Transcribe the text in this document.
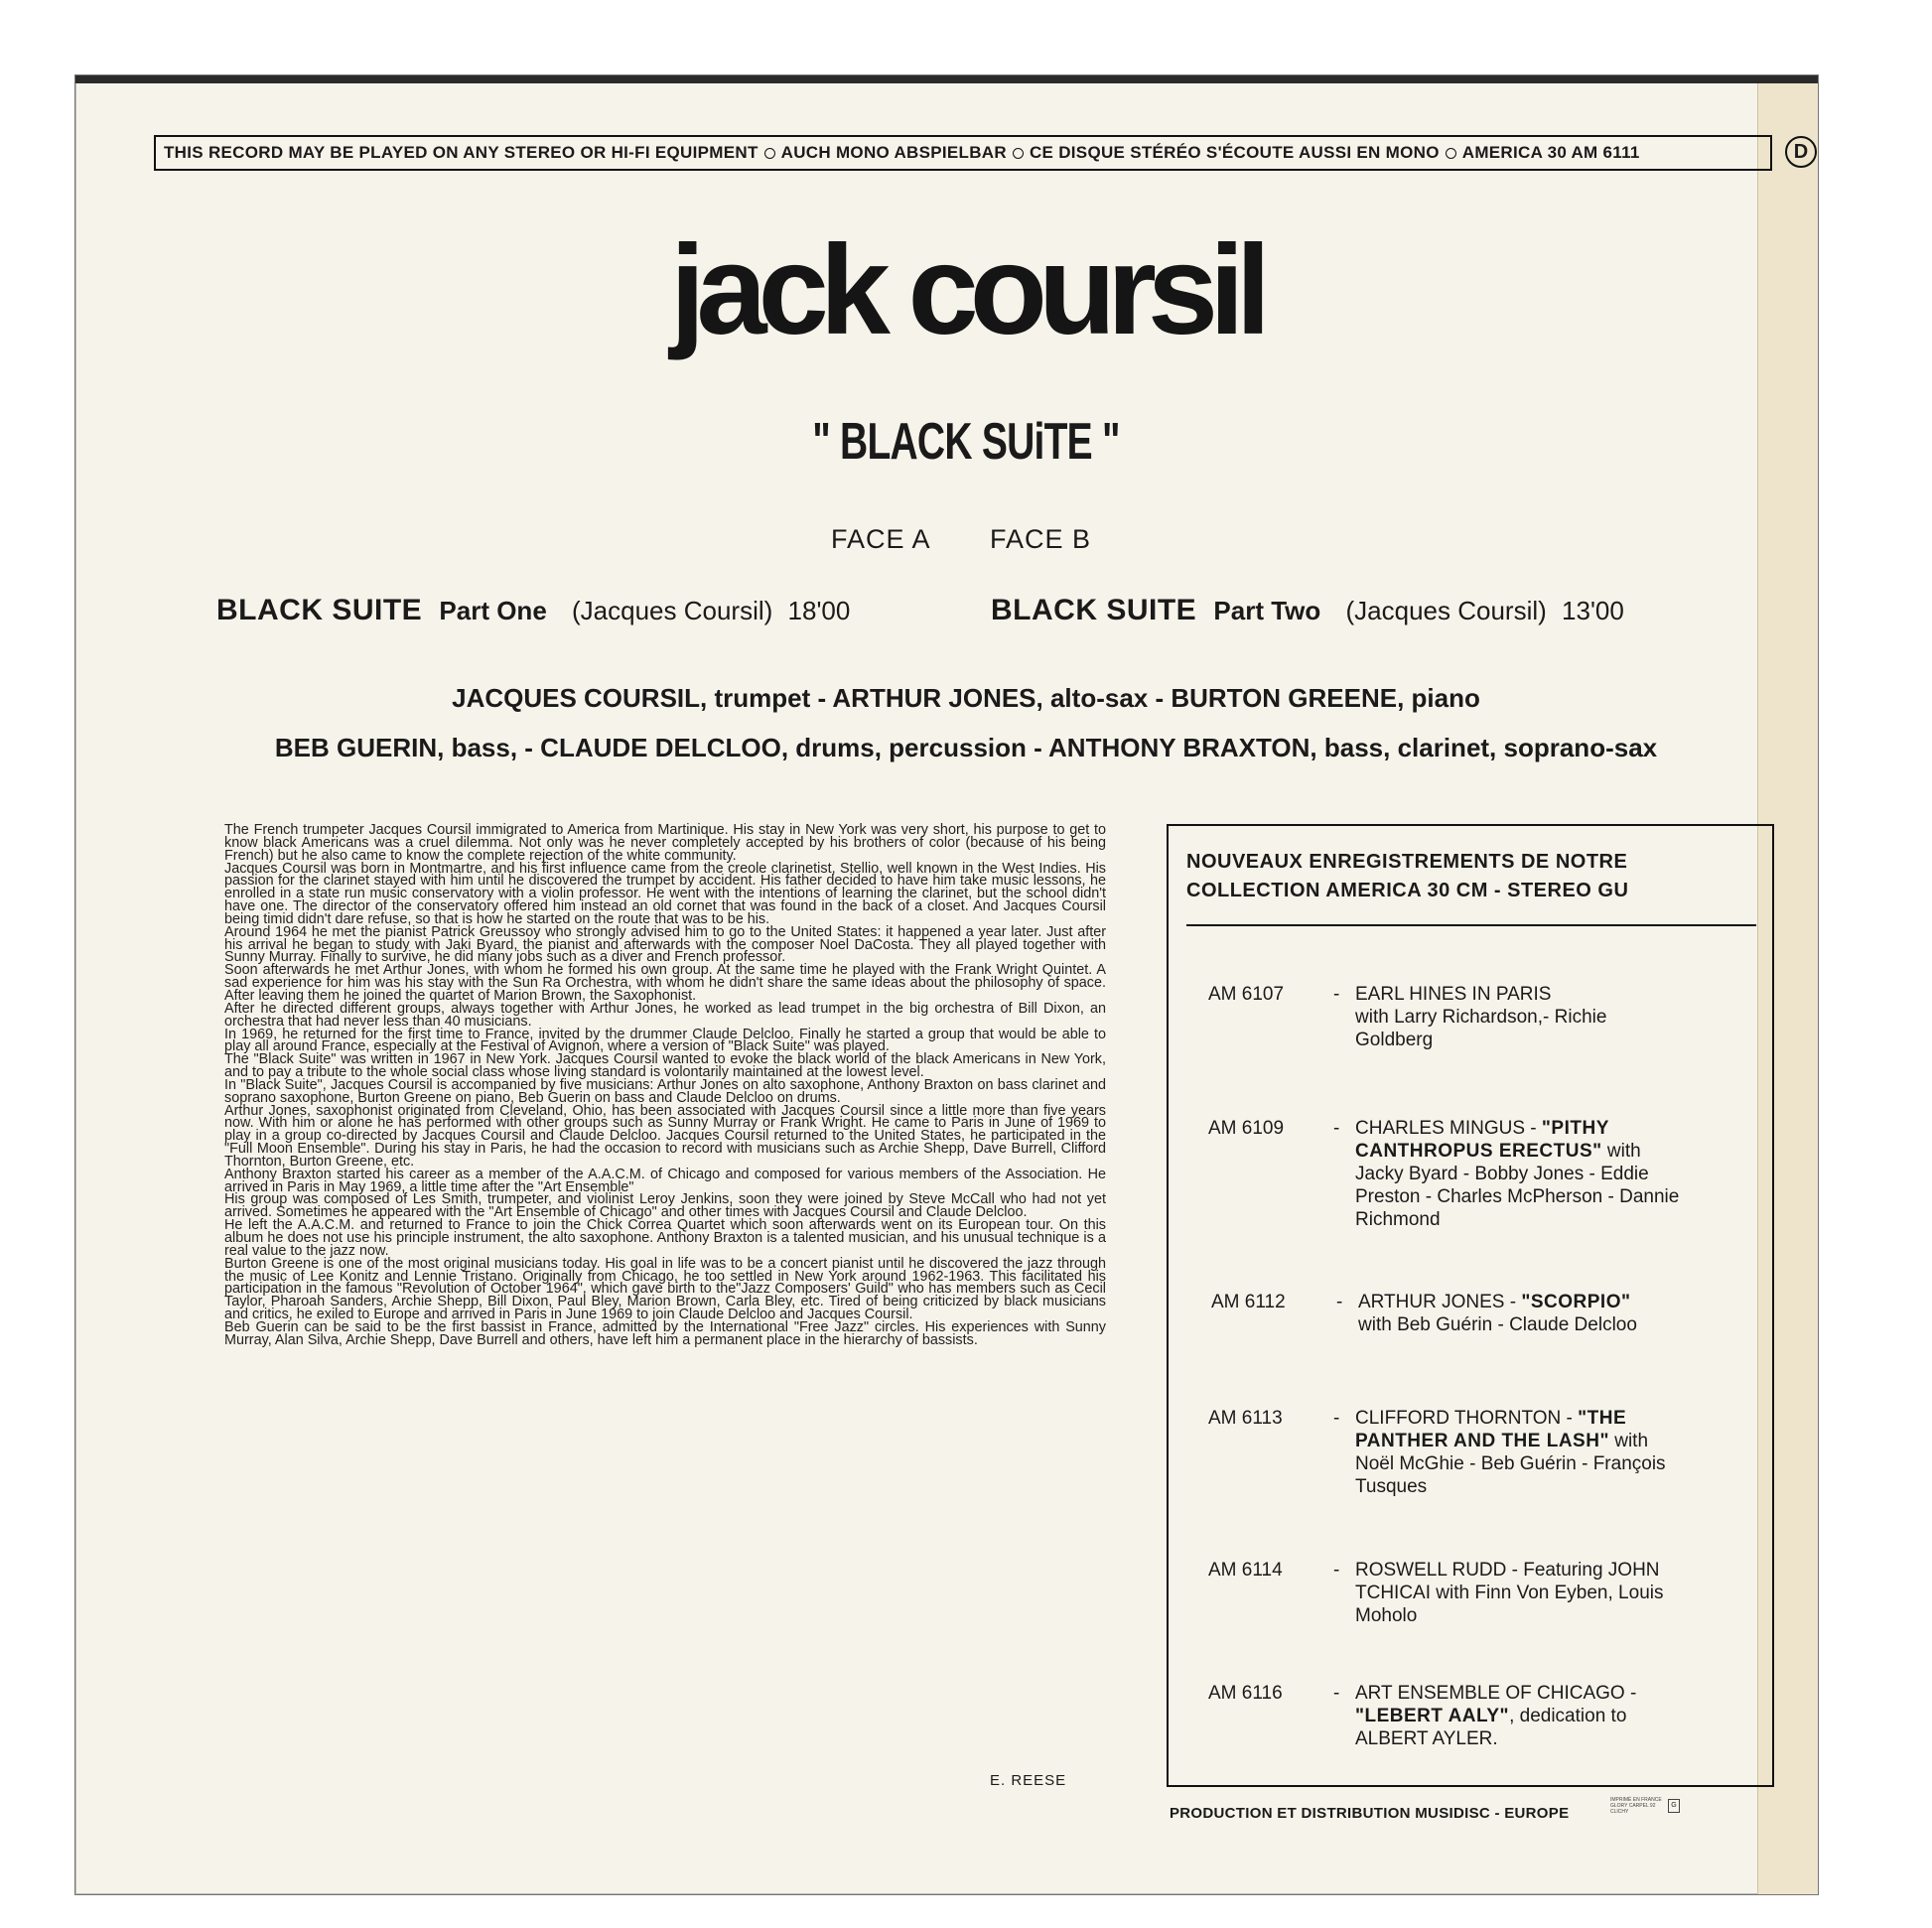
THIS RECORD MAY BE PLAYED ON ANY STEREO OR HI-FI EQUIPMENT AUCH MONO ABSPIELBAR CE DISQUE STÉRÉO S'ÉCOUTE AUSSI EN MONO AMERICA 30 AM 6111	D
jack coursil
" BLACK SUiTE "
FACE A FACE B
BLACK SUITE Part One (Jacques Coursil) 18'00	BLACK SUITE Part Two (Jacques Coursil) 13'00
JACQUES COURSIL, trumpet - ARTHUR JONES, alto-sax - BURTON GREENE, piano
BEB GUERIN, bass, - CLAUDE DELCLOO, drums, percussion - ANTHONY BRAXTON, bass, clarinet, soprano-sax

The French trumpeter Jacques Coursil immigrated to America from Martinique. His stay in New York was very short, his purpose to get to know black Americans was a cruel dilemma. Not only was he never completely accepted by his brothers of color (because of his being French) but he also came to know the complete rejection of the white community.

Jacques Coursil was born in Montmartre, and his first influence came from the creole clarinetist, Stellio, well known in the West Indies. His passion for the clarinet stayed with him until he discovered the trumpet by accident. His father decided to have him take music lessons, he enrolled in a state run music conservatory with a violin professor. He went with the intentions of learning the clarinet, but the school didn't have one. The director of the conservatory offered him instead an old cornet that was found in the back of a closet. And Jacques Coursil being timid didn't dare refuse, so that is how he started on the route that was to be his.

Around 1964 he met the pianist Patrick Greussoy who strongly advised him to go to the United States: it happened a year later. Just after his arrival he began to study with Jaki Byard, the pianist and afterwards with the composer Noel DaCosta. They all played together with Sunny Murray. Finally to survive, he did many jobs such as a diver and French professor.

Soon afterwards he met Arthur Jones, with whom he formed his own group. At the same time he played with the Frank Wright Quintet. A sad experience for him was his stay with the Sun Ra Orchestra, with whom he didn't share the same ideas about the philosophy of space. After leaving them he joined the quartet of Marion Brown, the Saxophonist.

After he directed different groups, always together with Arthur Jones, he worked as lead trumpet in the big orchestra of Bill Dixon, an orchestra that had never less than 40 musicians.

In 1969, he returned for the first time to France, invited by the drummer Claude Delcloo. Finally he started a group that would be able to play all around France, especially at the Festival of Avignon, where a version of "Black Suite" was played.

The "Black Suite" was written in 1967 in New York. Jacques Coursil wanted to evoke the black world of the black Americans in New York, and to pay a tribute to the whole social class whose living standard is volontarily maintained at the lowest level.

In "Black Suite", Jacques Coursil is accompanied by five musicians: Arthur Jones on alto saxophone, Anthony Braxton on bass clarinet and soprano saxophone, Burton Greene on piano, Beb Guerin on bass and Claude Delcloo on drums.

Arthur Jones, saxophonist originated from Cleveland, Ohio, has been associated with Jacques Coursil since a little more than five years now. With him or alone he has performed with other groups such as Sunny Murray or Frank Wright. He came to Paris in June of 1969 to play in a group co-directed by Jacques Coursil and Claude Delcloo. Jacques Coursil returned to the United States, he participated in the "Full Moon Ensemble". During his stay in Paris, he had the occasion to record with musicians such as Archie Shepp, Dave Burrell, Clifford Thornton, Burton Greene, etc.

Anthony Braxton started his career as a member of the A.A.C.M. of Chicago and composed for various members of the Association. He arrived in Paris in May 1969, a little time after the "Art Ensemble"

His group was composed of Les Smith, trumpeter, and violinist Leroy Jenkins, soon they were joined by Steve McCall who had not yet arrived. Sometimes he appeared with the "Art Ensemble of Chicago" and other times with Jacques Coursil and Claude Delcloo.

He left the A.A.C.M. and returned to France to join the Chick Correa Quartet which soon afterwards went on its European tour. On this album he does not use his principle instrument, the alto saxophone. Anthony Braxton is a talented musician, and his unusual technique is a real value to the jazz now.

Burton Greene is one of the most original musicians today. His goal in life was to be a concert pianist until he discovered the jazz through the music of Lee Konitz and Lennie Tristano. Originally from Chicago, he too settled in New York around 1962-1963. This facilitated his participation in the famous "Revolution of October 1964", which gave birth to the"Jazz Composers' Guild" who has members such as Cecil Taylor, Pharoah Sanders, Archie Shepp, Bill Dixon, Paul Bley, Marion Brown, Carla Bley, etc. Tired of being criticized by black musicians and critics, he exiled to Europe and arrived in Paris in June 1969 to join Claude Delcloo and Jacques Coursil.

Beb Guerin can be said to be the first bassist in France, admitted by the International "Free Jazz" circles. His experiences with Sunny Murray, Alan Silva, Archie Shepp, Dave Burrell and others, have left him a permanent place in the hierarchy of bassists.

E. REESE
NOUVEAUX ENREGISTREMENTS DE NOTRE
COLLECTION AMERICA 30 CM - STEREO GU
AM 6107	- EARL HINES IN PARIS
with Larry Richardson,- Richie Goldberg
AM 6109	- CHARLES MINGUS - "PITHY CANTHROPUS ERECTUS" with Jacky Byard - Bobby Jones - Eddie Preston - Charles McPherson - Dannie Richmond
AM 6112	- ARTHUR JONES - "SCORPIO"
with Beb Guérin - Claude Delcloo
AM 6113	- CLIFFORD THORNTON - "THE PANTHER AND THE LASH" with Noël McGhie - Beb Guérin - François Tusques
AM 6114	- ROSWELL RUDD - Featuring JOHN TCHICAI with Finn Von Eyben, Louis Moholo
AM 6116	- ART ENSEMBLE OF CHICAGO - "LEBERT AALY", dedication to ALBERT AYLER.
PRODUCTION ET DISTRIBUTION MUSIDISC - EUROPE
IMPRIMÉ EN FRANCE GLORY CARPEL 92 CLICHY
G
